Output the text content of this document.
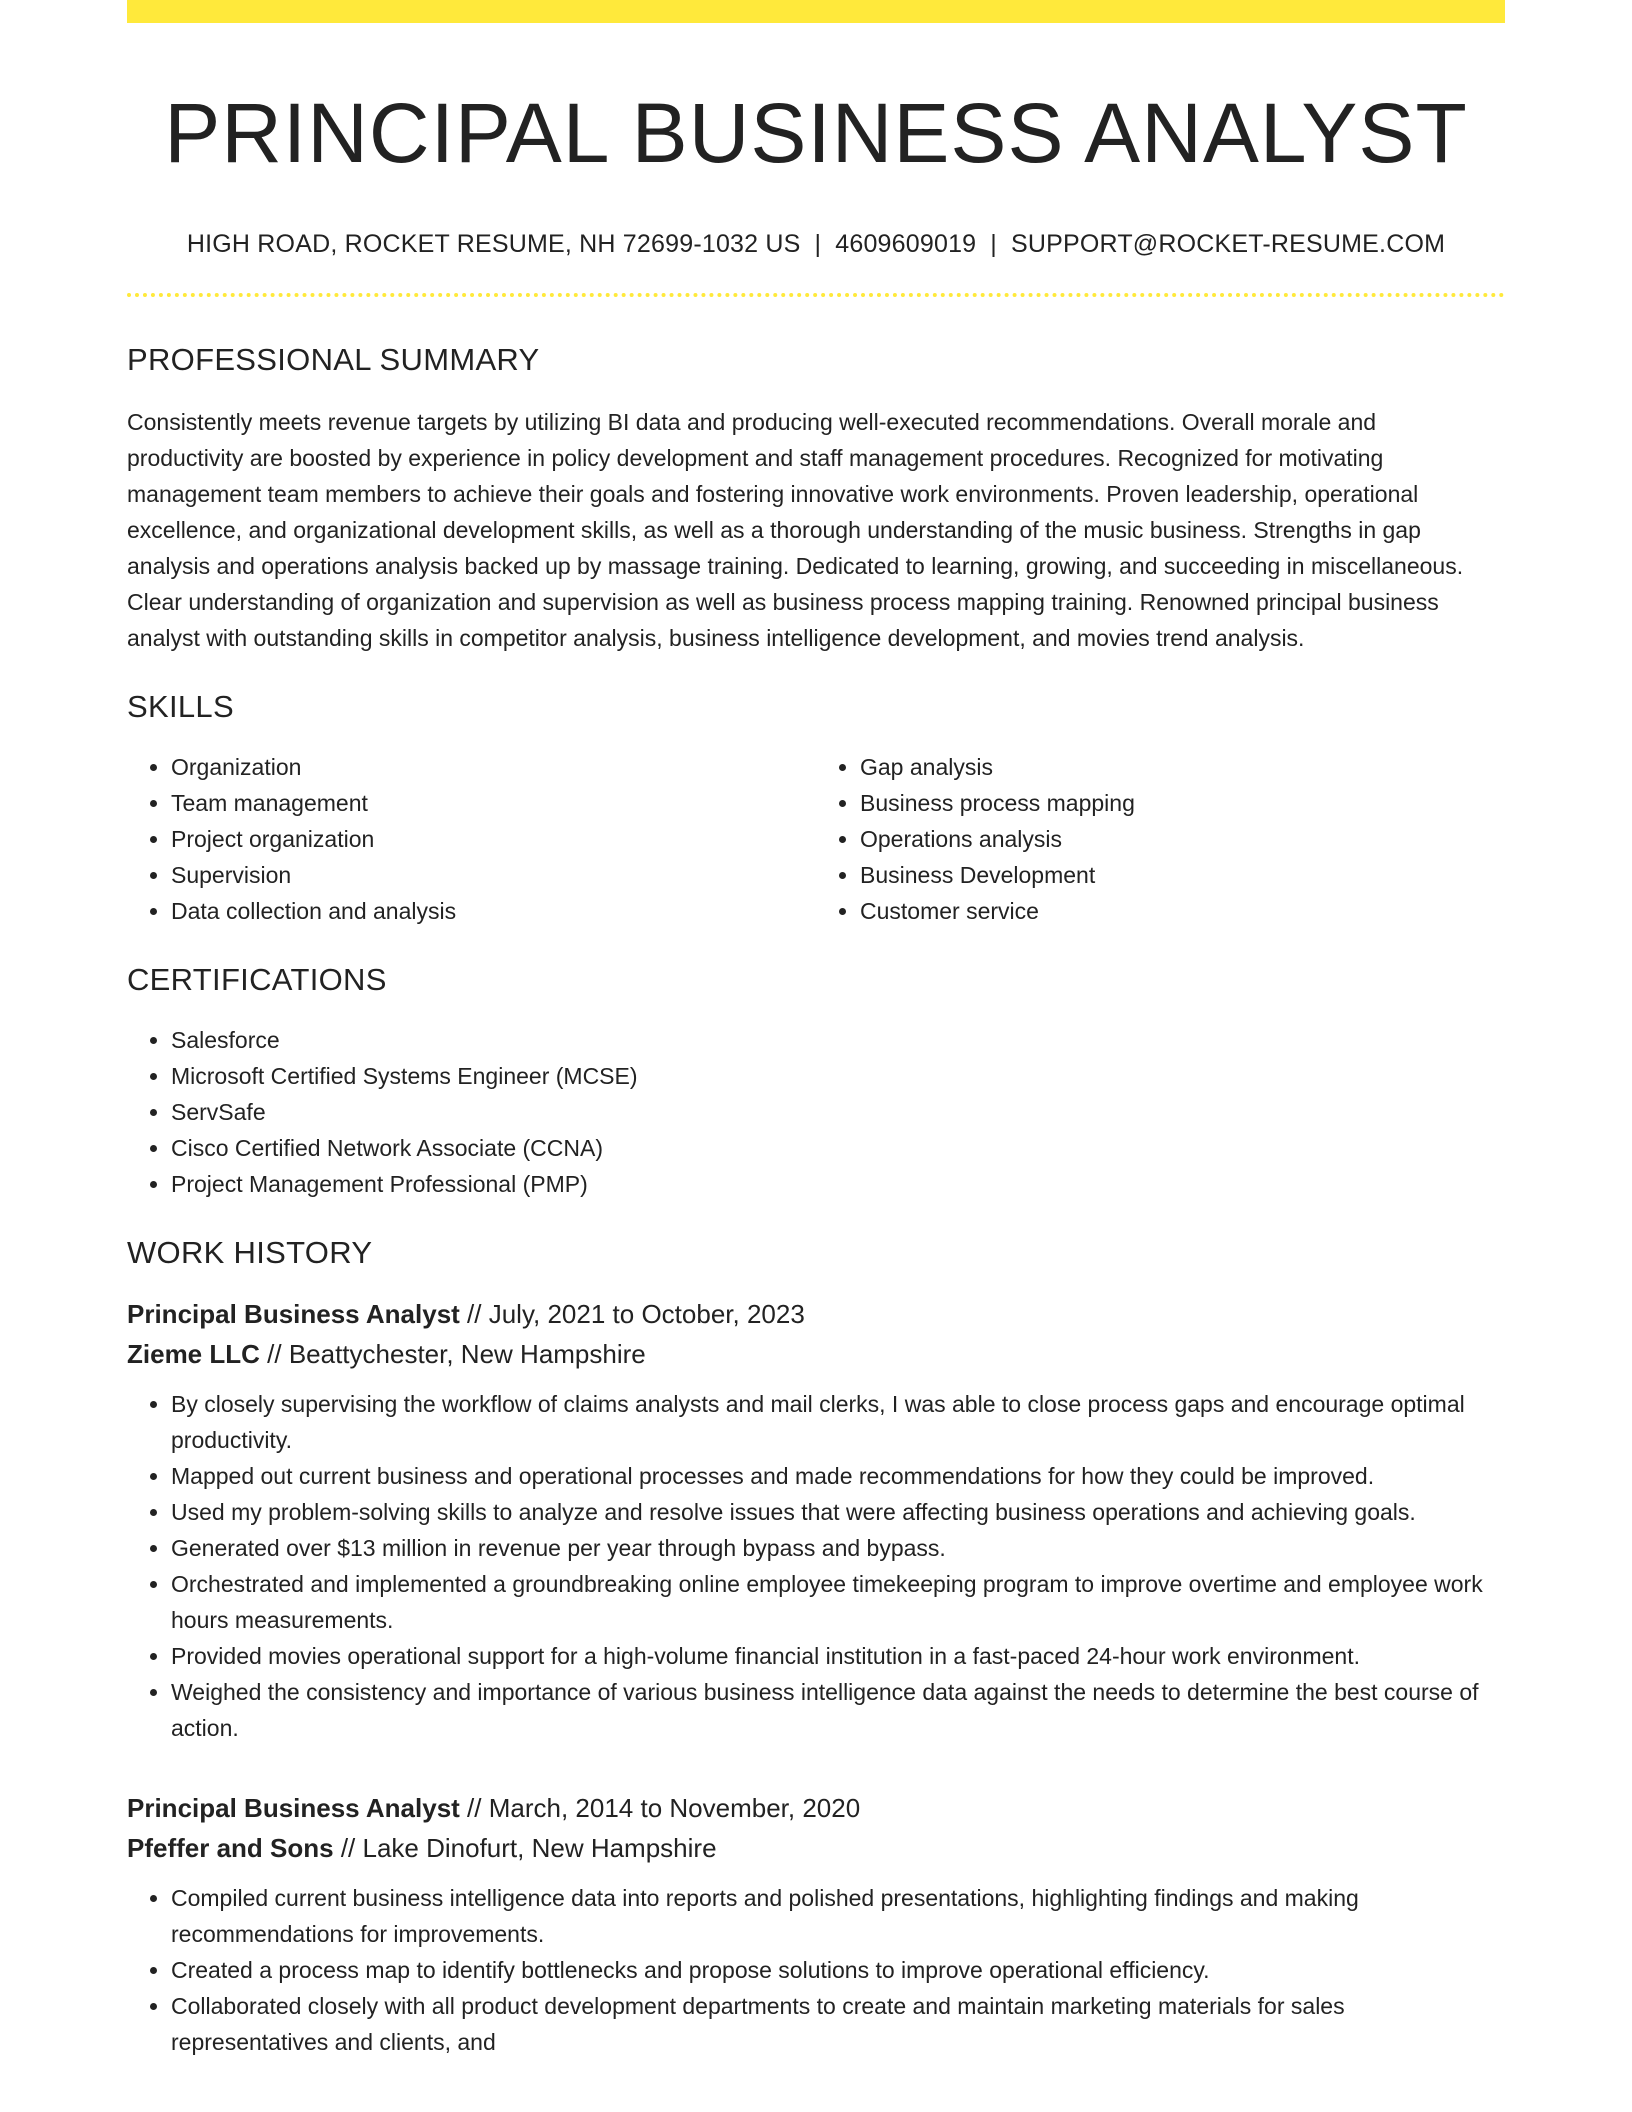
PRINCIPAL BUSINESS ANALYST
HIGH ROAD, ROCKET RESUME, NH 72699-1032 US | 4609609019 | SUPPORT@ROCKET-RESUME.COM
PROFESSIONAL SUMMARY

Consistently meets revenue targets by utilizing BI data and producing well-executed recommendations. Overall morale and productivity are boosted by experience in policy development and staff management procedures. Recognized for motivating management team members to achieve their goals and fostering innovative work environments. Proven leadership, operational excellence, and organizational development skills, as well as a thorough understanding of the music business. Strengths in gap analysis and operations analysis backed up by massage training. Dedicated to learning, growing, and succeeding in miscellaneous. Clear understanding of organization and supervision as well as business process mapping training. Renowned principal business analyst with outstanding skills in competitor analysis, business intelligence development, and movies trend analysis.

SKILLS
• Organization
• Team management
• Project organization
• Supervision
• Data collection and analysis
• Gap analysis
• Business process mapping
• Operations analysis
• Business Development
• Customer service
CERTIFICATIONS
• Salesforce
• Microsoft Certified Systems Engineer (MCSE)
• ServSafe
• Cisco Certified Network Associate (CCNA)
• Project Management Professional (PMP)
WORK HISTORY
Principal Business Analyst // July, 2021 to October, 2023
Zieme LLC // Beattychester, New Hampshire
• By closely supervising the workflow of claims analysts and mail clerks, I was able to close process gaps and encourage optimal productivity.
• Mapped out current business and operational processes and made recommendations for how they could be improved.
• Used my problem-solving skills to analyze and resolve issues that were affecting business operations and achieving goals.
• Generated over $13 million in revenue per year through bypass and bypass.
• Orchestrated and implemented a groundbreaking online employee timekeeping program to improve overtime and employee work hours measurements.
• Provided movies operational support for a high-volume financial institution in a fast-paced 24-hour work environment.
• Weighed the consistency and importance of various business intelligence data against the needs to determine the best course of action.
Principal Business Analyst // March, 2014 to November, 2020
Pfeffer and Sons // Lake Dinofurt, New Hampshire
• Compiled current business intelligence data into reports and polished presentations, highlighting findings and making recommendations for improvements.
• Created a process map to identify bottlenecks and propose solutions to improve operational efficiency.
• Collaborated closely with all product development departments to create and maintain marketing materials for sales representatives and clients, and
